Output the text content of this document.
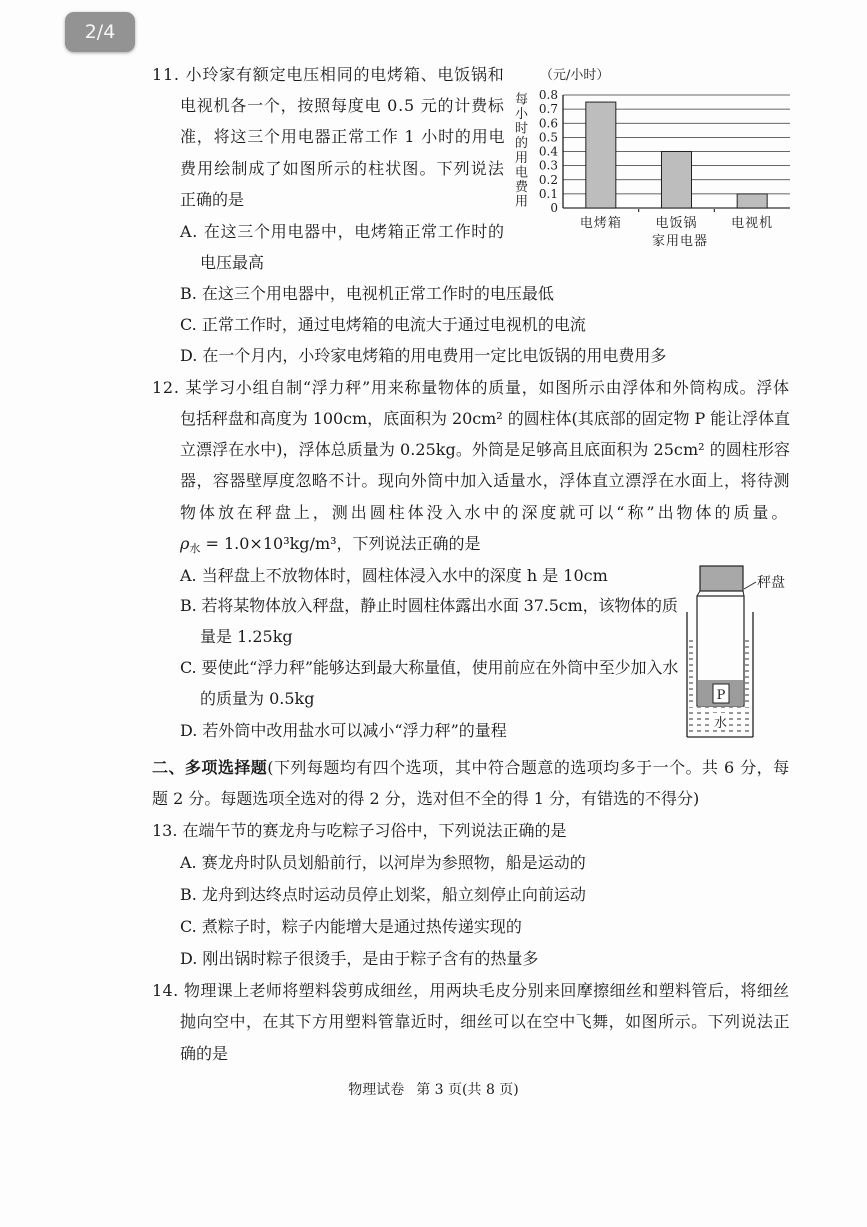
2/4
11. 小玲家有额定电压相同的电烤箱、电饭锅和
电视机各一个，按照每度电 0.5 元的计费标
准，将这三个用电器正常工作 1 小时的用电
费用绘制成了如图所示的柱状图。下列说法
正确的是
A. 在这三个用电器中，电烤箱正常工作时的
电压最高
B. 在这三个用电器中，电视机正常工作时的电压最低
C. 正常工作时，通过电烤箱的电流大于通过电视机的电流
D. 在一个月内，小玲家电烤箱的用电费用一定比电饭锅的用电费用多
每小时的用电费用 0
0.1
0.2
0.3
0.4
0.5
0.6
0.7
0.8
电烤箱	电饭锅	电视机
（元/小时）
家用电器
12. 某学习小组自制“浮力秤”用来称量物体的质量，如图所示由浮体和外筒构成。浮体
包括秤盘和高度为 100cm，底面积为 20cm² 的圆柱体(其底部的固定物 P 能让浮体直
立漂浮在水中)，浮体总质量为 0.25kg。外筒是足够高且底面积为 25cm² 的圆柱形容
器，容器壁厚度忽略不计。现向外筒中加入适量水，浮体直立漂浮在水面上，将待测
物体放在秤盘上，测出圆柱体没入水中的深度就可以“称”出物体的质量。
$\rho_水 = 1.0\times 10^3kg/m^3$，下列说法正确的是
A. 当秤盘上不放物体时，圆柱体浸入水中的深度 h 是 10cm
B. 若将某物体放入秤盘，静止时圆柱体露出水面 37.5cm，该物体的质
量是 1.25kg
C. 要使此“浮力秤”能够达到最大称量值，使用前应在外筒中至少加入水
的质量为 0.5kg
D. 若外筒中改用盐水可以减小“浮力秤”的量程
秤盘
P
水
二、多项选择题(下列每题均有四个选项，其中符合题意的选项均多于一个。共 6 分，每
题 2 分。每题选项全选对的得 2 分，选对但不全的得 1 分，有错选的不得分)
13. 在端午节的赛龙舟与吃粽子习俗中，下列说法正确的是
A. 赛龙舟时队员划船前行，以河岸为参照物，船是运动的
B. 龙舟到达终点时运动员停止划桨，船立刻停止向前运动
C. 煮粽子时，粽子内能增大是通过热传递实现的
D. 刚出锅时粽子很烫手，是由于粽子含有的热量多
14. 物理课上老师将塑料袋剪成细丝，用两块毛皮分别来回摩擦细丝和塑料管后，将细丝
抛向空中，在其下方用塑料管靠近时，细丝可以在空中飞舞，如图所示。下列说法正
确的是
物理试卷 第 3 页(共 8 页)
